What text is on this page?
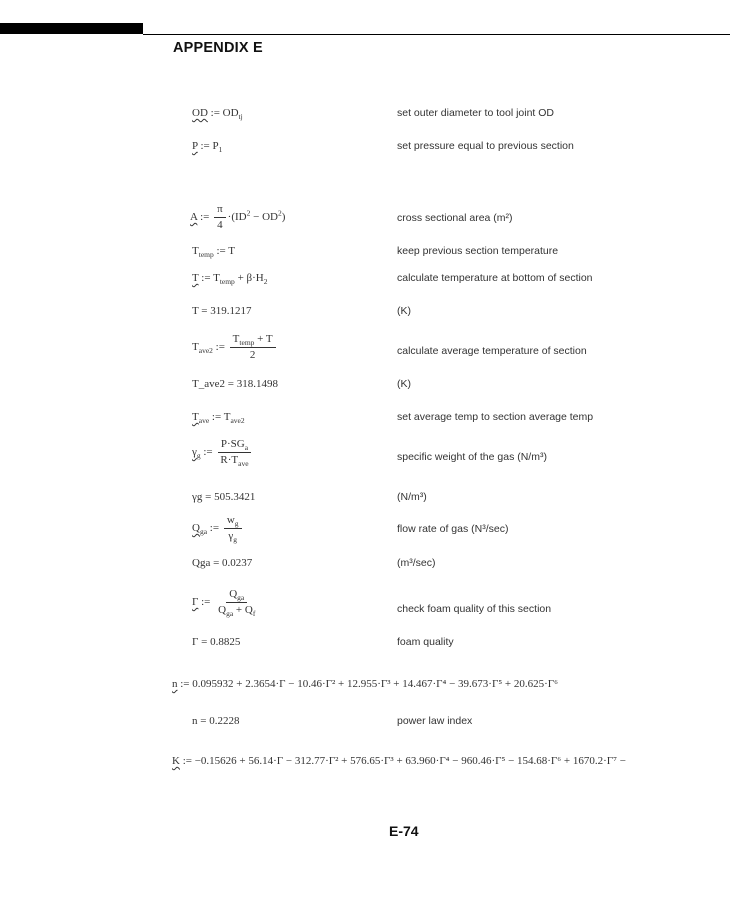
APPENDIX E
OD := $OD_{tj}$	set outer diameter to tool joint OD
P := $P_1$	set pressure equal to previous section
A := $\frac{\pi}{4} \cdot(ID^2 - OD^2)$	cross sectional area (m²)
$T_{temp}$ := T	keep previous section temperature
T := $T_{temp} + \beta\cdot H_2$	calculate temperature at bottom of section
T = 319.1217	(K)
$T_{ave2}$ := $\frac{T_{temp} + T}{2}$	calculate average temperature of section
T_ave2 = 318.1498	(K)
$T_{ave}$ := $T_{ave2}$	set average temp to section average temp
$\gamma_g$ := $\frac{P\cdot SG_a}{R\cdot T_{ave}}$	specific weight of the gas (N/m³)
γg = 505.3421	(N/m³)
$Q_{ga}$ := $\frac{w_g}{\gamma_g}$	flow rate of gas (N³/sec)
Qga = 0.0237	(m³/sec)
Γ := $\frac{Q_{ga}}{Q_{ga} + Q_f}$	check foam quality of this section
Γ = 0.8825	foam quality
n := 0.095932 + 2.3654·Γ − 10.46·Γ² + 12.955·Γ³ + 14.467·Γ⁴ − 39.673·Γ⁵ + 20.625·Γ⁶
n = 0.2228	power law index
K := −0.15626 + 56.14·Γ − 312.77·Γ² + 576.65·Γ³ + 63.960·Γ⁴ − 960.46·Γ⁵ − 154.68·Γ⁶ + 1670.2·Γ⁷ −
E-74
